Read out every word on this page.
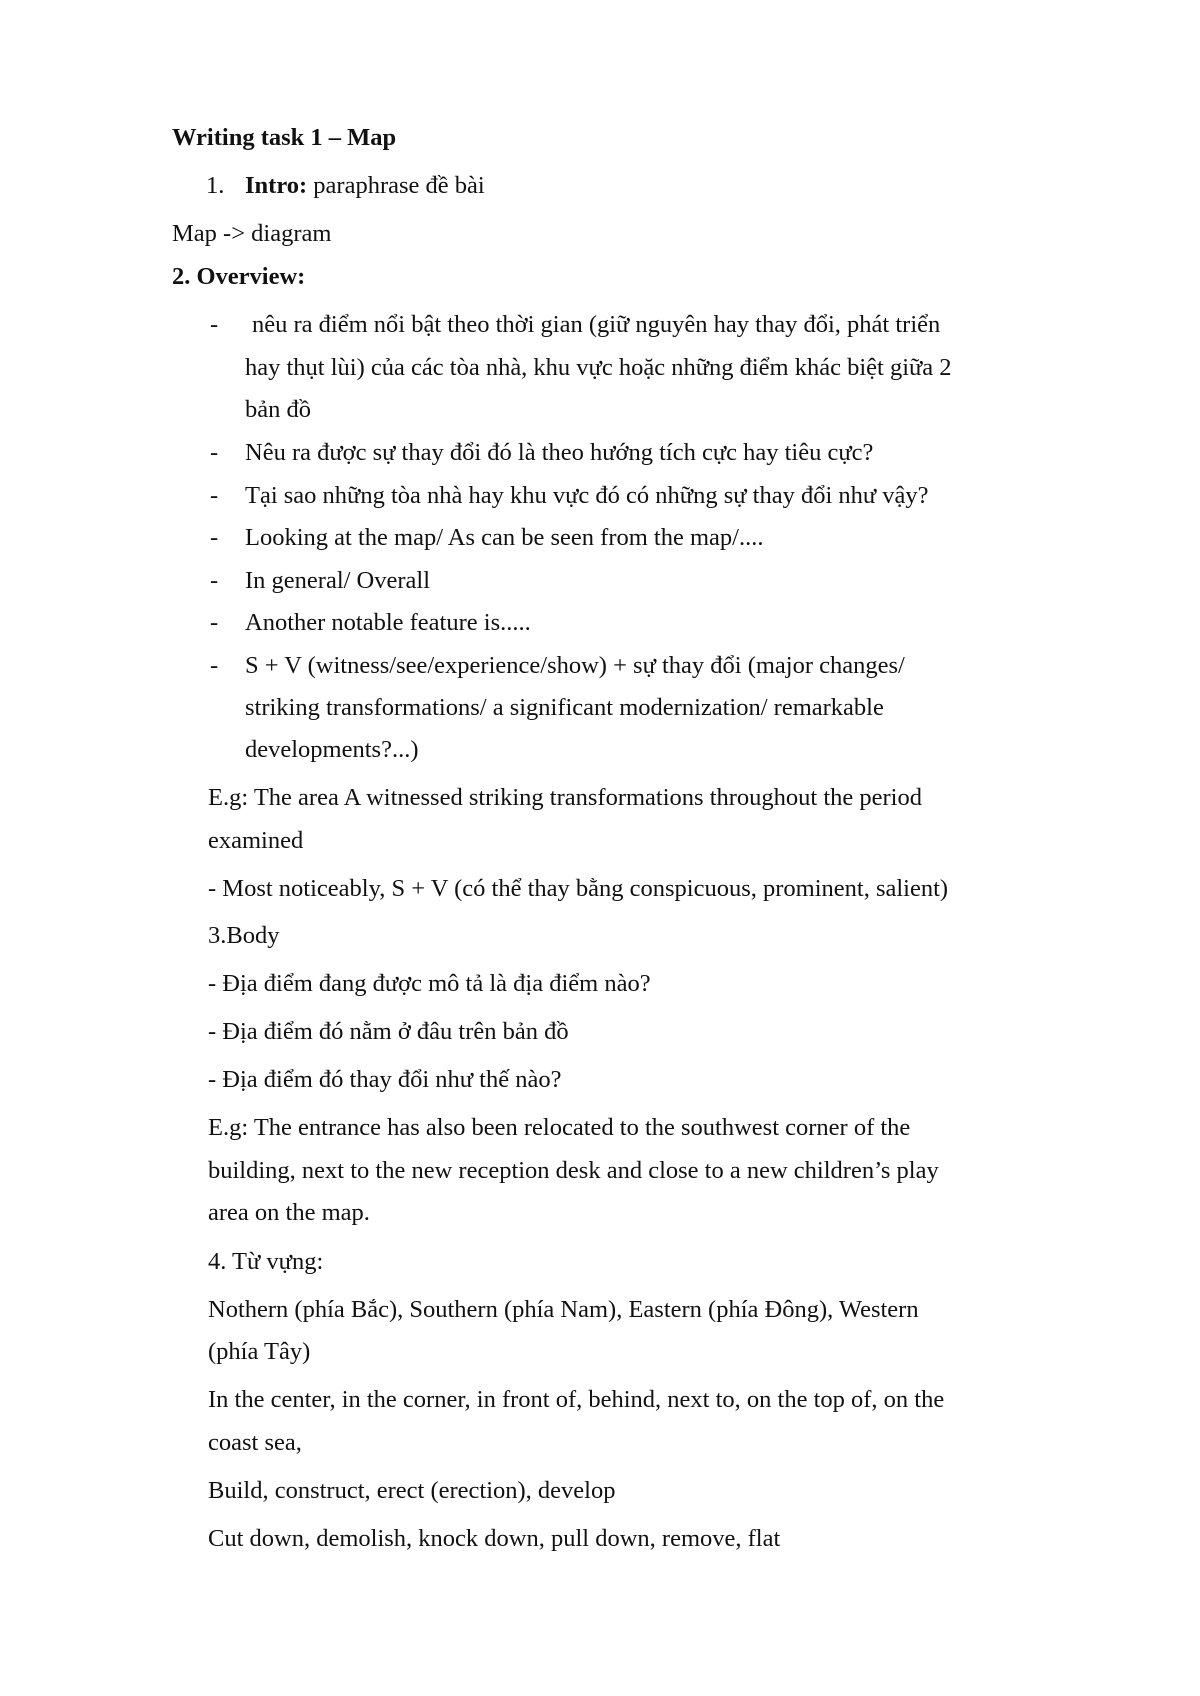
Writing task 1 – Map
1. Intro: paraphrase đề bài
Map -> diagram
2. Overview:
- nêu ra điểm nổi bật theo thời gian (giữ nguyên hay thay đổi, phát triển
hay thụt lùi) của các tòa nhà, khu vực hoặc những điểm khác biệt giữa 2
bản đồ
- Nêu ra được sự thay đổi đó là theo hướng tích cực hay tiêu cực?
- Tại sao những tòa nhà hay khu vực đó có những sự thay đổi như vậy?
- Looking at the map/ As can be seen from the map/....
- In general/ Overall
- Another notable feature is.....
- S + V (witness/see/experience/show) + sự thay đổi (major changes/
striking transformations/ a significant modernization/ remarkable
developments?...)
E.g: The area A witnessed striking transformations throughout the period
examined
- Most noticeably, S + V (có thể thay bằng conspicuous, prominent, salient)
3.Body
- Địa điểm đang được mô tả là địa điểm nào?
- Địa điểm đó nằm ở đâu trên bản đồ
- Địa điểm đó thay đổi như thế nào?
E.g: The entrance has also been relocated to the southwest corner of the
building, next to the new reception desk and close to a new children’s play
area on the map.
4. Từ vựng:
Nothern (phía Bắc), Southern (phía Nam), Eastern (phía Đông), Western
(phía Tây)
In the center, in the corner, in front of, behind, next to, on the top of, on the
coast sea,
Build, construct, erect (erection), develop
Cut down, demolish, knock down, pull down, remove, flat
